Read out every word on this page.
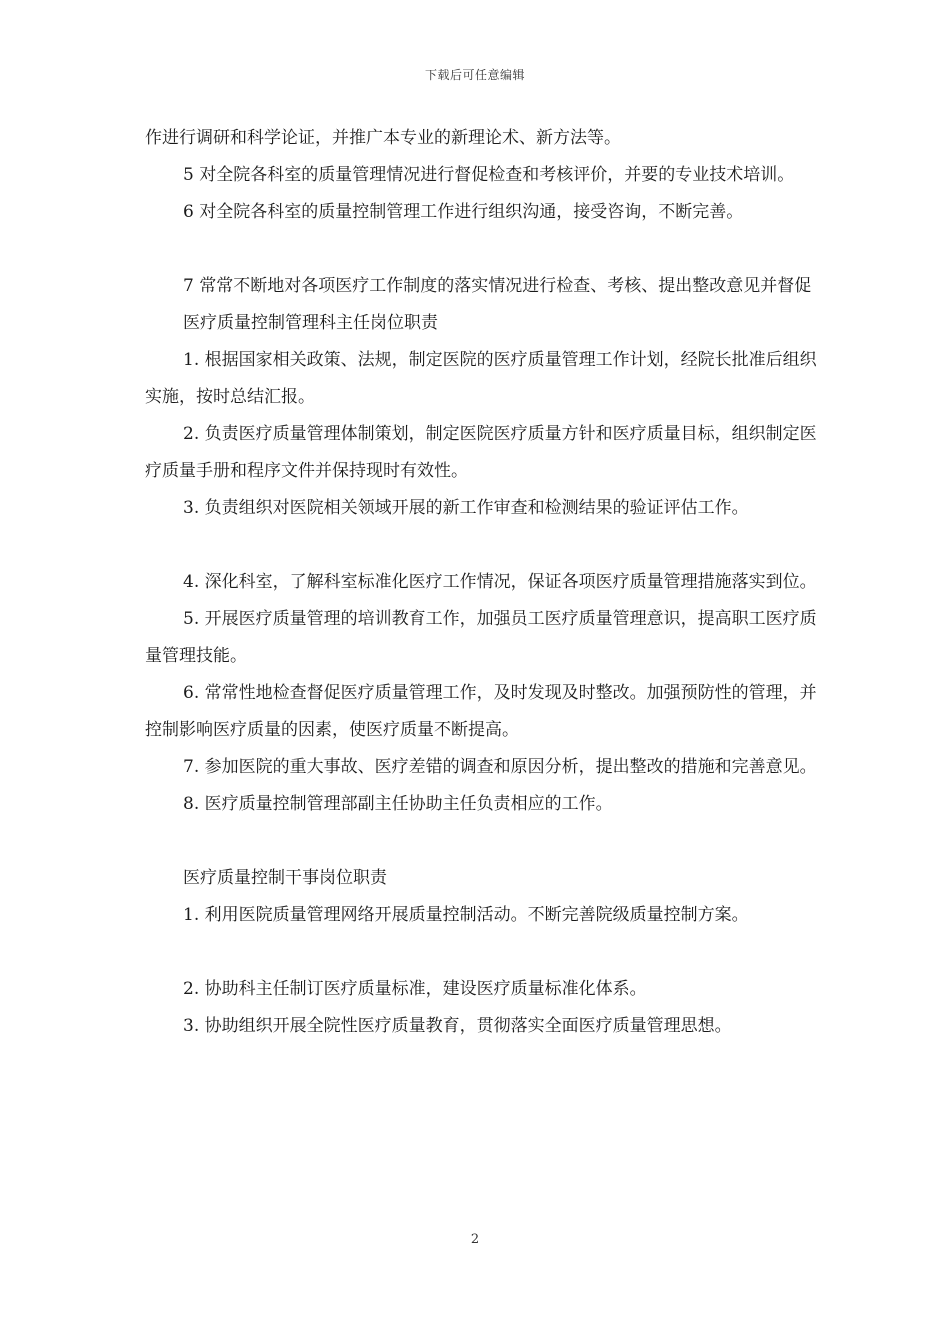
下载后可任意编辑

作进行调研和科学论证，并推广本专业的新理论术、新方法等。

5 对全院各科室的质量管理情况进行督促检查和考核评价，并要的专业技术培训。

6 对全院各科室的质量控制管理工作进行组织沟通，接受咨询，不断完善。

7 常常不断地对各项医疗工作制度的落实情况进行检查、考核、提出整改意见并督促

医疗质量控制管理科主任岗位职责

1. 根据国家相关政策、法规，制定医院的医疗质量管理工作计划，经院长批准后组织实施，按时总结汇报。

2. 负责医疗质量管理体制策划，制定医院医疗质量方针和医疗质量目标，组织制定医疗质量手册和程序文件并保持现时有效性。

3. 负责组织对医院相关领域开展的新工作审查和检测结果的验证评估工作。

4. 深化科室，了解科室标准化医疗工作情况，保证各项医疗质量管理措施落实到位。

5. 开展医疗质量管理的培训教育工作，加强员工医疗质量管理意识，提高职工医疗质量管理技能。

6. 常常性地检查督促医疗质量管理工作，及时发现及时整改。加强预防性的管理，并控制影响医疗质量的因素，使医疗质量不断提高。

7. 参加医院的重大事故、医疗差错的调查和原因分析，提出整改的措施和完善意见。

8. 医疗质量控制管理部副主任协助主任负责相应的工作。

医疗质量控制干事岗位职责

1. 利用医院质量管理网络开展质量控制活动。不断完善院级质量控制方案。

2. 协助科主任制订医疗质量标准，建设医疗质量标准化体系。

3. 协助组织开展全院性医疗质量教育，贯彻落实全面医疗质量管理思想。

2
